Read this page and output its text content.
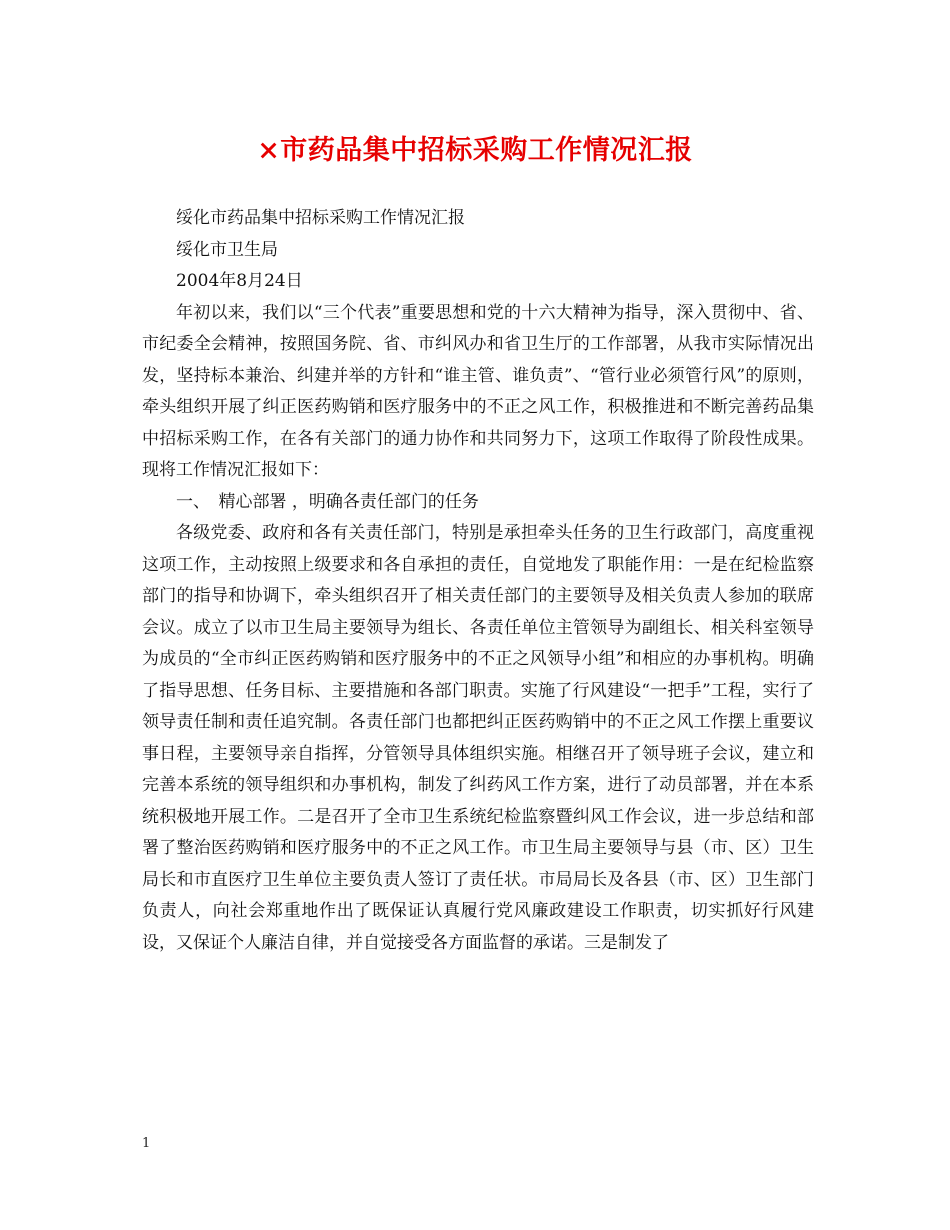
×市药品集中招标采购工作情况汇报

绥化市药品集中招标采购工作情况汇报

绥化市卫生局

2004年8月24日

年初以来，我们以“三个代表”重要思想和党的十六大精神为指导，深入贯彻中、省、市纪委全会精神，按照国务院、省、市纠风办和省卫生厅的工作部署，从我市实际情况出发，坚持标本兼治、纠建并举的方针和“谁主管、谁负责”、“管行业必须管行风”的原则，牵头组织开展了纠正医药购销和医疗服务中的不正之风工作，积极推进和不断完善药品集中招标采购工作，在各有关部门的通力协作和共同努力下，这项工作取得了阶段性成果。现将工作情况汇报如下：

一、　精心部署 ，明确各责任部门的任务

各级党委、政府和各有关责任部门，特别是承担牵头任务的卫生行政部门，高度重视这项工作，主动按照上级要求和各自承担的责任，自觉地发了职能作用：一是在纪检监察部门的指导和协调下，牵头组织召开了相关责任部门的主要领导及相关负责人参加的联席会议。成立了以市卫生局主要领导为组长、各责任单位主管领导为副组长、相关科室领导为成员的“全市纠正医药购销和医疗服务中的不正之风领导小组”和相应的办事机构。明确了指导思想、任务目标、主要措施和各部门职责。实施了行风建设“一把手”工程，实行了领导责任制和责任追究制。各责任部门也都把纠正医药购销中的不正之风工作摆上重要议事日程，主要领导亲自指挥，分管领导具体组织实施。相继召开了领导班子会议，建立和完善本系统的领导组织和办事机构，制发了纠药风工作方案，进行了动员部署，并在本系统积极地开展工作。二是召开了全市卫生系统纪检监察暨纠风工作会议，进一步总结和部署了整治医药购销和医疗服务中的不正之风工作。市卫生局主要领导与县（市、区）卫生局长和市直医疗卫生单位主要负责人签订了责任状。市局局长及各县（市、区）卫生部门负责人，向社会郑重地作出了既保证认真履行党风廉政建设工作职责，切实抓好行风建设，又保证个人廉洁自律，并自觉接受各方面监督的承诺。三是制发了

1
